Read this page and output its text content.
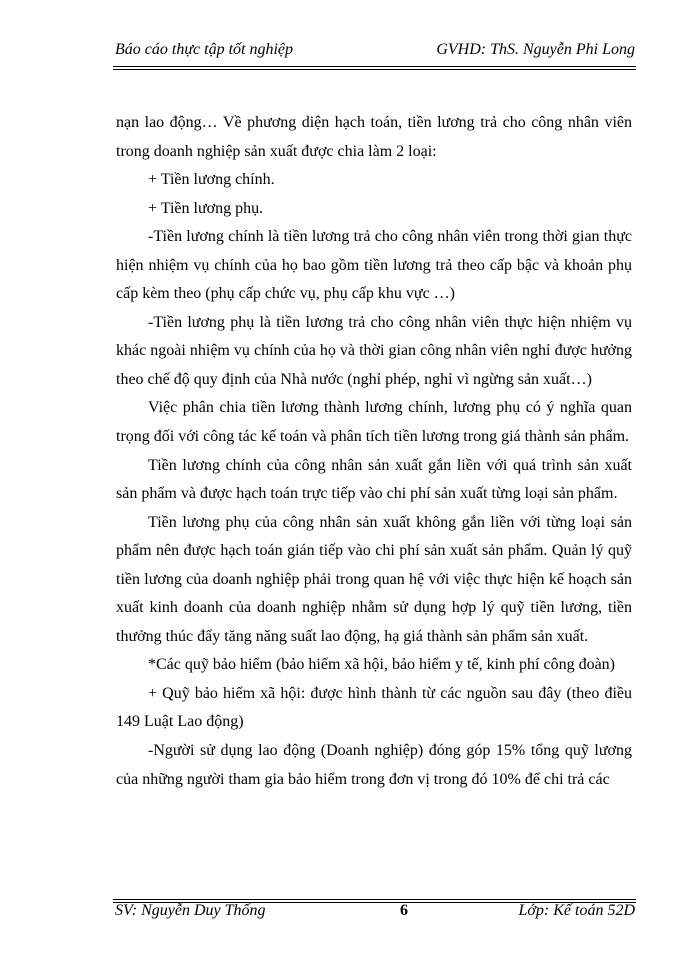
Báo cáo thực tập tốt nghiệp	GVHD: ThS. Nguyễn Phi Long

nạn lao động… Về phương diện hạch toán, tiền lương trả cho công nhân viên trong doanh nghiệp sản xuất được chia làm 2 loại:

+ Tiền lương chính.

+ Tiền lương phụ.

-Tiền lương chính là tiền lương trả cho công nhân viên trong thời gian thực hiện nhiệm vụ chính của họ bao gồm tiền lương trả theo cấp bậc và khoản phụ cấp kèm theo (phụ cấp chức vụ, phụ cấp khu vực …)

-Tiền lương phụ là tiền lương trả cho công nhân viên thực hiện nhiệm vụ khác ngoài nhiệm vụ chính của họ và thời gian công nhân viên nghỉ được hưởng theo chế độ quy định của Nhà nước (nghỉ phép, nghỉ vì ngừng sản xuất…)

Việc phân chia tiền lương thành lương chính, lương phụ có ý nghĩa quan trọng đối với công tác kế toán và phân tích tiền lương trong giá thành sản phẩm.

Tiền lương chính của công nhân sản xuất gắn liền với quá trình sản xuất sản phẩm và được hạch toán trực tiếp vào chi phí sản xuất từng loại sản phẩm.

Tiền lương phụ của công nhân sản xuất không gắn liền với từng loại sản phẩm nên được hạch toán gián tiếp vào chi phí sản xuất sản phẩm. Quản lý quỹ tiền lương của doanh nghiệp phải trong quan hệ với việc thực hiện kế hoạch sản xuất kinh doanh của doanh nghiệp nhằm sử dụng hợp lý quỹ tiền lương, tiền thưởng thúc đẩy tăng năng suất lao động, hạ giá thành sản phẩm sản xuất.

*Các quỹ bảo hiểm (bảo hiểm xã hội, bảo hiểm y tế, kinh phí công đoàn)

+ Quỹ bảo hiểm xã hội: được hình thành từ các nguồn sau đây (theo điều 149 Luật Lao động)

-Người sử dụng lao động (Doanh nghiệp) đóng góp 15% tổng quỹ lương của những người tham gia bảo hiểm trong đơn vị trong đó 10% để chi trả các

SV: Nguyễn Duy Thống	6	Lớp: Kế toán 52D
